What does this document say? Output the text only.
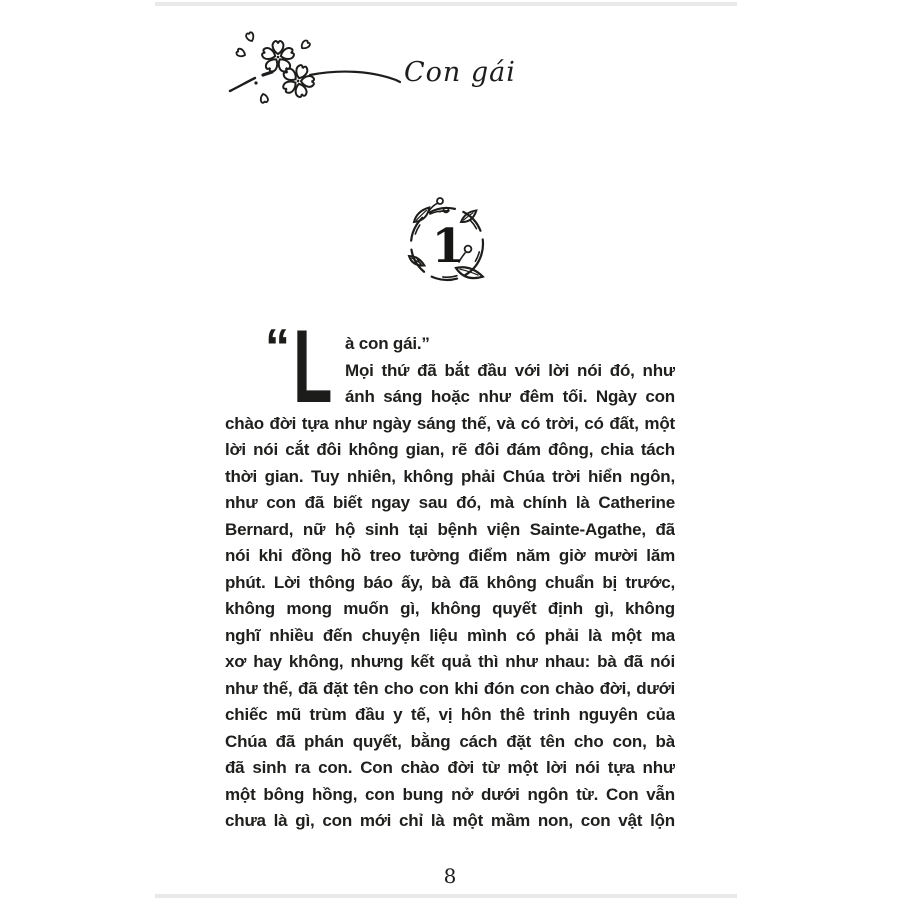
Con gái
1
“ L à con gái.”
Mọi thứ đã bắt đầu với lời nói đó, như
ánh sáng hoặc như đêm tối. Ngày con
chào đời tựa như ngày sáng thế, và có trời, có đất, một
lời nói cắt đôi không gian, rẽ đôi đám đông, chia tách
thời gian. Tuy nhiên, không phải Chúa trời hiển ngôn,
như con đã biết ngay sau đó, mà chính là Catherine
Bernard, nữ hộ sinh tại bệnh viện Sainte-Agathe, đã
nói khi đồng hồ treo tường điểm năm giờ mười lăm
phút. Lời thông báo ấy, bà đã không chuẩn bị trước,
không mong muốn gì, không quyết định gì, không
nghĩ nhiều đến chuyện liệu mình có phải là một ma
xơ hay không, nhưng kết quả thì như nhau: bà đã nói
như thế, đã đặt tên cho con khi đón con chào đời, dưới
chiếc mũ trùm đầu y tế, vị hôn thê trinh nguyên của
Chúa đã phán quyết, bằng cách đặt tên cho con, bà
đã sinh ra con. Con chào đời từ một lời nói tựa như
một bông hồng, con bung nở dưới ngôn từ. Con vẫn
chưa là gì, con mới chỉ là một mầm non, con vật lộn
8
